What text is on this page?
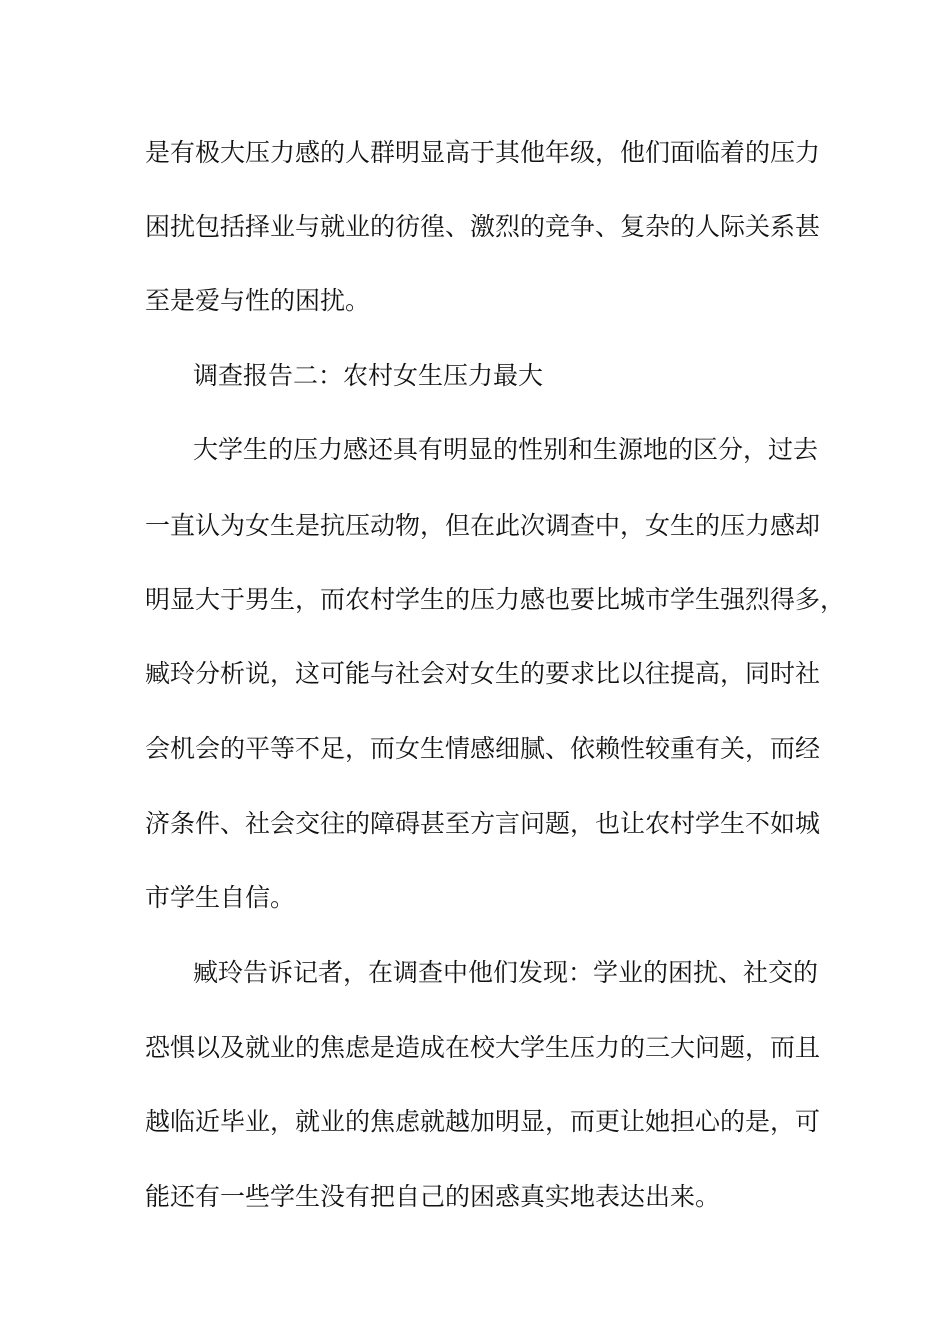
是有极大压力感的人群明显高于其他年级，他们面临着的压力

困扰包括择业与就业的彷徨、激烈的竞争、复杂的人际关系甚

至是爱与性的困扰。

调查报告二：农村女生压力最大

大学生的压力感还具有明显的性别和生源地的区分，过去

一直认为女生是抗压动物，但在此次调查中，女生的压力感却

明显大于男生，而农村学生的压力感也要比城市学生强烈得多，

臧玲分析说，这可能与社会对女生的要求比以往提高，同时社

会机会的平等不足，而女生情感细腻、依赖性较重有关，而经

济条件、社会交往的障碍甚至方言问题，也让农村学生不如城

市学生自信。

臧玲告诉记者，在调查中他们发现：学业的困扰、社交的

恐惧以及就业的焦虑是造成在校大学生压力的三大问题，而且

越临近毕业，就业的焦虑就越加明显，而更让她担心的是，可

能还有一些学生没有把自己的困惑真实地表达出来。
